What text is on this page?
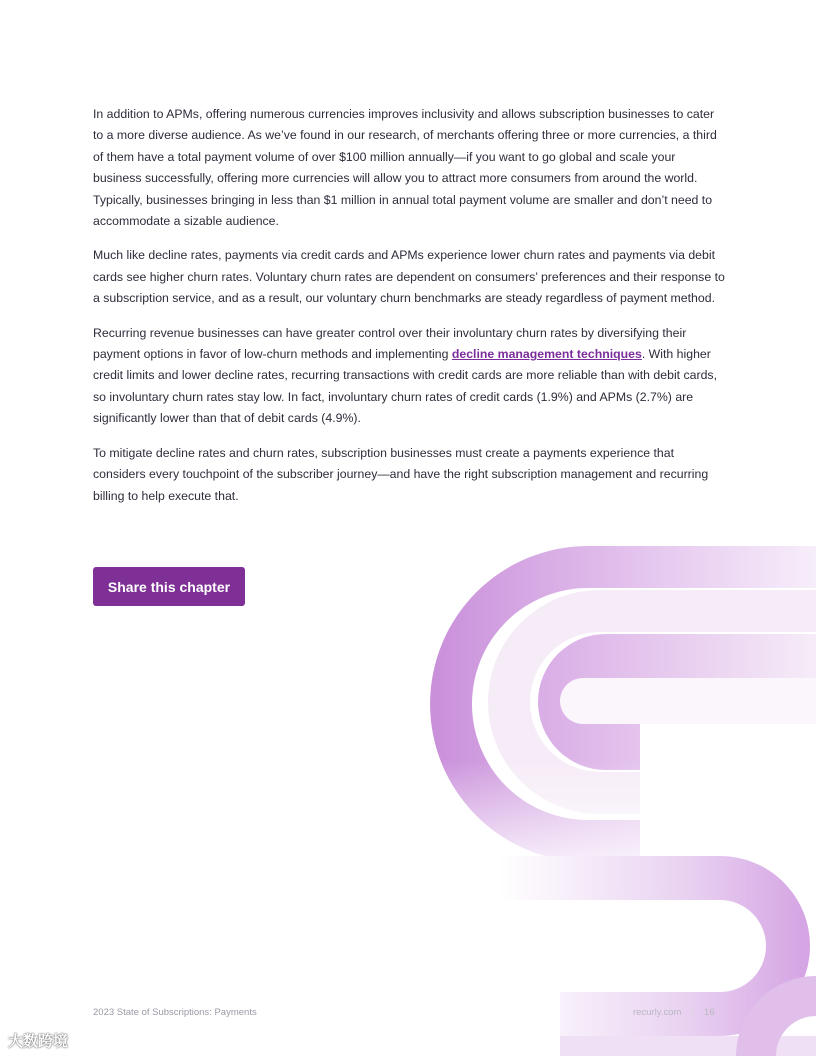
In addition to APMs, offering numerous currencies improves inclusivity and allows subscription businesses to cater to a more diverse audience. As we’ve found in our research, of merchants offering three or more currencies, a third of them have a total payment volume of over $100 million annually—if you want to go global and scale your business successfully, offering more currencies will allow you to attract more consumers from around the world. Typically, businesses bringing in less than $1 million in annual total payment volume are smaller and don’t need to accommodate a sizable audience.

Much like decline rates, payments via credit cards and APMs experience lower churn rates and payments via debit cards see higher churn rates. Voluntary churn rates are dependent on consumers’ preferences and their response to a subscription service, and as a result, our voluntary churn benchmarks are steady regardless of payment method.

Recurring revenue businesses can have greater control over their involuntary churn rates by diversifying their payment options in favor of low-churn methods and implementing decline management techniques. With higher credit limits and lower decline rates, recurring transactions with credit cards are more reliable than with debit cards, so involuntary churn rates stay low. In fact, involuntary churn rates of credit cards (1.9%) and APMs (2.7%) are significantly lower than that of debit cards (4.9%).

To mitigate decline rates and churn rates, subscription businesses must create a payments experience that considers every touchpoint of the subscriber journey—and have the right subscription management and recurring billing to help execute that.

Share this chapter
2023 State of Subscriptions: Payments	recurly.com / 16
大数跨境
